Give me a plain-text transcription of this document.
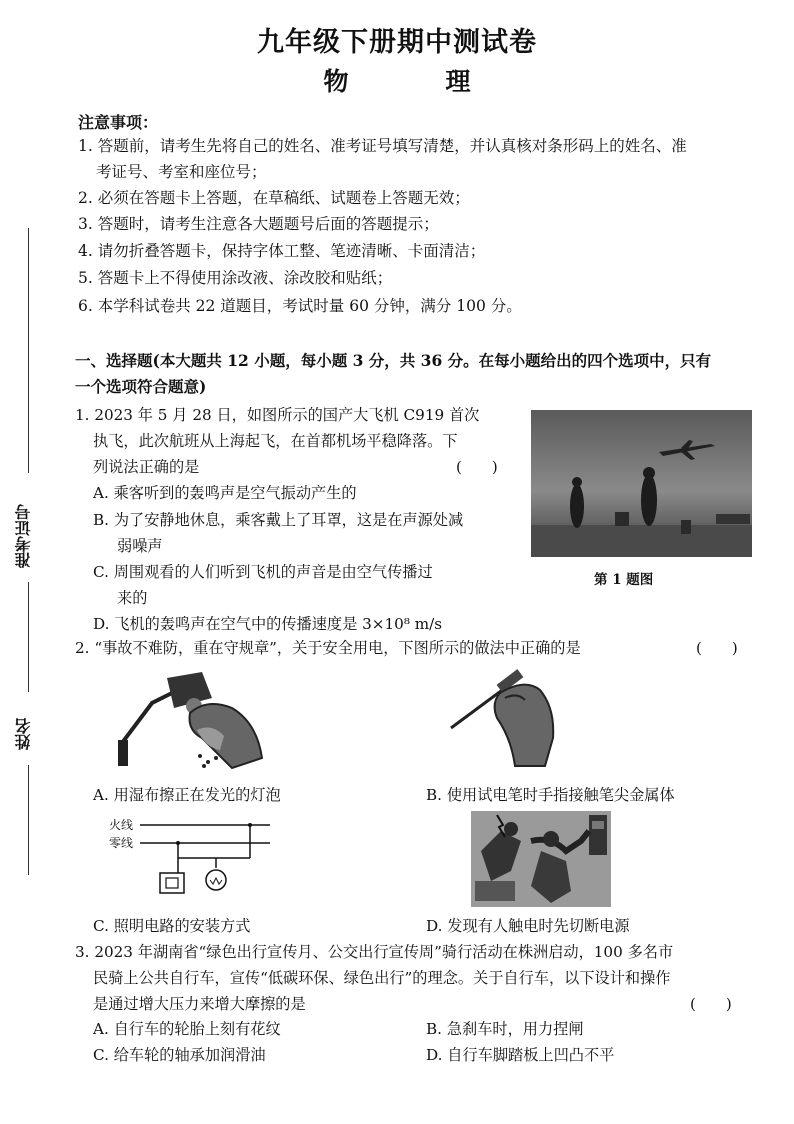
九年级下册期中测试卷
物　理
注意事项：
1. 答题前，请考生先将自己的姓名、准考证号填写清楚，并认真核对条形码上的姓名、准
考证号、考室和座位号；
2. 必须在答题卡上答题，在草稿纸、试题卷上答题无效；
3. 答题时，请考生注意各大题题号后面的答题提示；
4. 请勿折叠答题卡，保持字体工整、笔迹清晰、卡面清洁；
5. 答题卡上不得使用涂改液、涂改胶和贴纸；
6. 本学科试卷共 22 道题目，考试时量 60 分钟，满分 100 分。
准考证号
姓名
一、选择题(本大题共 12 小题，每小题 3 分，共 36 分。在每小题给出的四个选项中，只有
一个选项符合题意)
1. 2023 年 5 月 28 日，如图所示的国产大飞机 C919 首次
执飞，此次航班从上海起飞，在首都机场平稳降落。下
列说法正确的是	(　　)
A. 乘客听到的轰鸣声是空气振动产生的
B. 为了安静地休息，乘客戴上了耳罩，这是在声源处减
弱噪声
C. 周围观看的人们听到飞机的声音是由空气传播过
来的
D. 飞机的轰鸣声在空气中的传播速度是 3×10⁸ m/s
第 1 题图
2. “事故不难防，重在守规章”，关于安全用电，下图所示的做法中正确的是	(　　)
A. 用湿布擦正在发光的灯泡	B. 使用试电笔时手指接触笔尖金属体
火线
零线
C. 照明电路的安装方式	D. 发现有人触电时先切断电源
3. 2023 年湖南省“绿色出行宣传月、公交出行宣传周”骑行活动在株洲启动，100 多名市
民骑上公共自行车，宣传“低碳环保、绿色出行”的理念。关于自行车，以下设计和操作
是通过增大压力来增大摩擦的是	(　　)
A. 自行车的轮胎上刻有花纹	B. 急刹车时，用力捏闸
C. 给车轮的轴承加润滑油	D. 自行车脚踏板上凹凸不平
